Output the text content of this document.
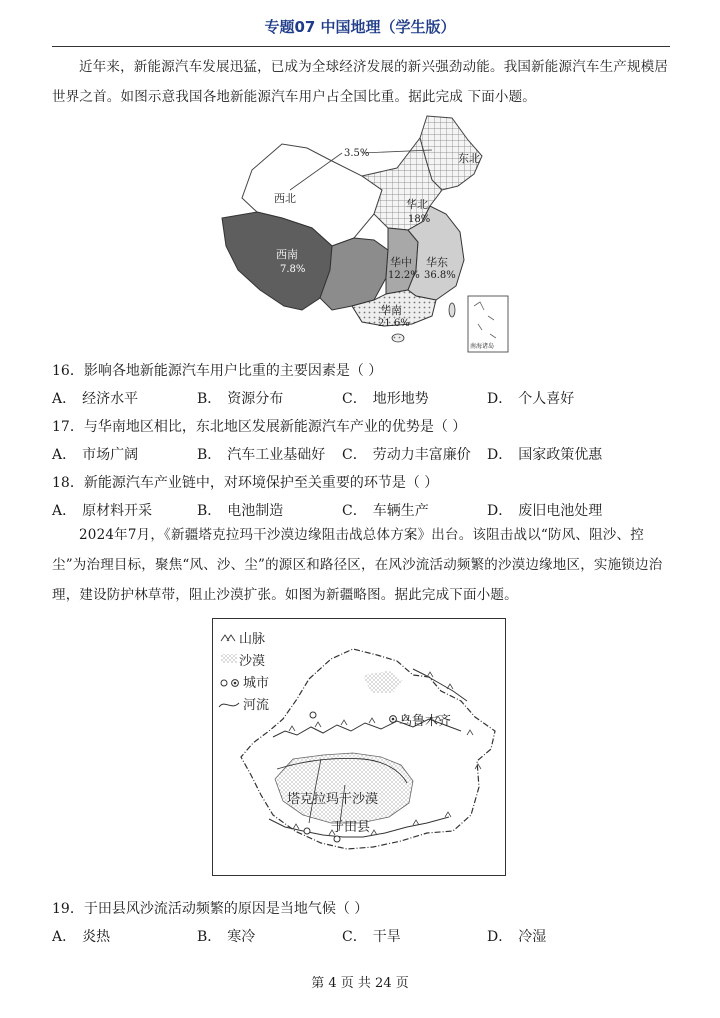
专题07 中国地理（学生版）

近年来，新能源汽车发展迅猛，已成为全球经济发展的新兴强劲动能。我国新能源汽车生产规模居世界之首。如图示意我国各地新能源汽车用户占全国比重。据此完成 下面小题。

3.5%	东北
西北	华北
18%
西南
7.8%
华中
12.2%
华东
36.8%
华南
21.6%
南海诸岛

16．影响各地新能源汽车用户比重的主要因素是（ ）

A． 经济水平	B． 资源分布	C． 地形地势	D． 个人喜好

17．与华南地区相比，东北地区发展新能源汽车产业的优势是（ ）

A． 市场广阔	B． 汽车工业基础好	C． 劳动力丰富廉价	D． 国家政策优惠

18．新能源汽车产业链中，对环境保护至关重要的环节是（ ）

A． 原材料开采	B． 电池制造	C． 车辆生产	D． 废旧电池处理

2024年7月，《新疆塔克拉玛干沙漠边缘阻击战总体方案》出台。该阻击战以“防风、阻沙、控尘”为治理目标，聚焦“风、沙、尘”的源区和路径区，在风沙流活动频繁的沙漠边缘地区，实施锁边治理，建设防护林草带，阻止沙漠扩张。如图为新疆略图。据此完成下面小题。

山脉
沙漠
城市
河流
乌鲁木齐
塔克拉玛干沙漠
于田县

19．于田县风沙流活动频繁的原因是当地气候（ ）

A． 炎热	B． 寒冷	C． 干旱	D． 冷湿
第 4 页 共 24 页
